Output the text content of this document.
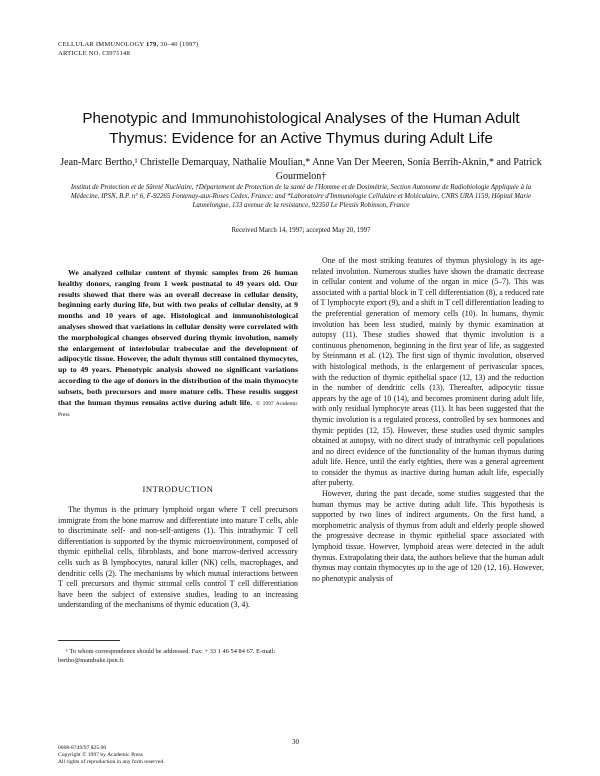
CELLULAR IMMUNOLOGY 179, 30–40 (1997)
ARTICLE NO. CI971148
Phenotypic and Immunohistological Analyses of the Human Adult Thymus: Evidence for an Active Thymus during Adult Life
Jean-Marc Bertho,¹ Christelle Demarquay, Nathalie Moulian,* Anne Van Der Meeren, Sonia Berrih-Aknin,* and Patrick Gourmelon†
Institut de Protection et de Sûreté Nucléaire, †Département de Protection de la santé de l'Homme et de Dosimétrie, Section Autonome de Radiobiologie Appliquée à la Médecine, IPSN, B.P. n° 6, F-92265 Fontenay-aux-Roses Cedex, France; and *Laboratoire d'Immunologie Cellulaire et Moléculaire, CNRS URA 1159, Hôpital Marie Lannelongue, 133 avenue de la resistance, 92350 Le Plessis Robinson, France
Received March 14, 1997; accepted May 20, 1997
We analyzed cellular content of thymic samples from 26 human healthy donors, ranging from 1 week postnatal to 49 years old. Our results showed that there was an overall decrease in cellular density, beginning early during life, but with two peaks of cellular density, at 9 months and 10 years of age. Histological and immunohistological analyses showed that variations in cellular density were correlated with the morphological changes observed during thymic involution, namely the enlargement of interlobular trabeculae and the development of adipocytic tissue. However, the adult thymus still contained thymocytes, up to 49 years. Phenotypic analysis showed no significant variations according to the age of donors in the distribution of the main thymocyte subsets, both precursors and more mature cells. These results suggest that the human thymus remains active during adult life. © 1997 Academic Press
INTRODUCTION
The thymus is the primary lymphoid organ where T cell precursors immigrate from the bone marrow and differentiate into mature T cells, able to discriminate self- and non-self-antigens (1). This intrathymic T cell differentiation is supported by the thymic microenvironment, composed of thymic epithelial cells, fibroblasts, and bone marrow-derived accessory cells such as B lymphocytes, natural killer (NK) cells, macrophages, and dendritic cells (2). The mechanisms by which mutual interactions between T cell precursors and thymic stromal cells control T cell differentiation have been the subject of extensive studies, leading to an increasing understanding of the mechanisms of thymic education (3, 4).
¹ To whom correspondence should be addressed. Fax: + 33 1 46 54 84 67. E-mail: bertho@mandrake.ipsn.fr.
30
0008-8749/97 $25.00
Copyright © 1997 by Academic Press
All rights of reproduction in any form reserved.

One of the most striking features of thymus physiology is its age-related involution. Numerous studies have shown the dramatic decrease in cellular content and volume of the organ in mice (5–7). This was associated with a partial block in T cell differentiation (8), a reduced rate of T lymphocyte export (9), and a shift in T cell differentiation leading to the preferential generation of memory cells (10). In humans, thymic involution has been less studied, mainly by thymic examination at autopsy (11). These studies showed that thymic involution is a continuous phenomenon, beginning in the first year of life, as suggested by Steinmann et al. (12). The first sign of thymic involution, observed with histological methods, is the enlargement of perivascular spaces, with the reduction of thymic epithelial space (12, 13) and the reduction in the number of dendritic cells (13). Thereafter, adipocytic tissue appears by the age of 10 (14), and becomes prominent during adult life, with only residual lymphocyte areas (11). It has been suggested that the thymic involution is a regulated process, controlled by sex hormones and thymic peptides (12, 15). However, these studies used thymic samples obtained at autopsy, with no direct study of intrathymic cell populations and no direct evidence of the functionality of the human thymus during adult life. Hence, until the early eighties, there was a general agreement to consider the thymus as inactive during human adult life, especially after puberty.

However, during the past decade, some studies suggested that the human thymus may be active during adult life. This hypothesis is supported by two lines of indirect arguments. On the first hand, a morphometric analysis of thymus from adult and elderly people showed the progressive decrease in thymic epithelial space associated with lymphoid tissue. However, lymphoid areas were detected in the adult thymus. Extrapolating their data, the authors believe that the human adult thymus may contain thymocytes up to the age of 120 (12, 16). However, no phenotypic analysis of
